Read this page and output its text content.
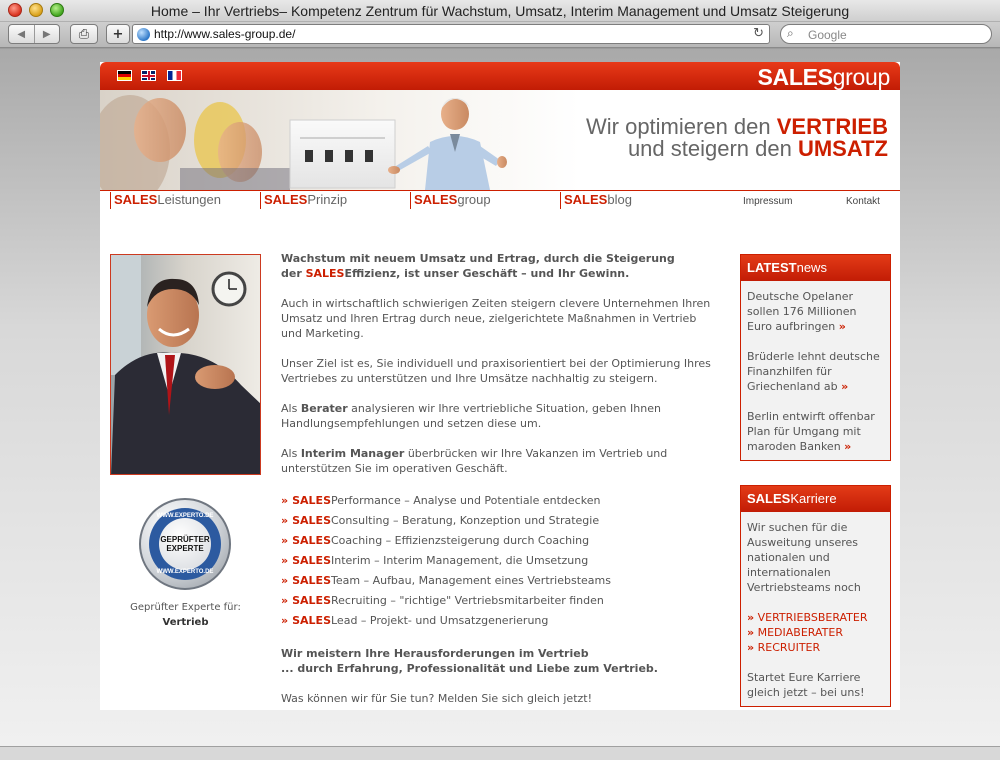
Home – Ihr Vertriebs– Kompetenz Zentrum für Wachstum, Umsatz, Interim Management und Umsatz Steigerung
◀	▶	⎙ +	http://www.sales-group.de/	↻ ⌕ Google
SALESgroup
Wir optimieren den VERTRIEB
und steigern den UMSATZ
SALESLeistungen	SALESPrinzip	SALESgroup	SALESblog	Impressum	Kontakt
WWW.EXPERTO.DE
GEPRÜFTER
EXPERTE
WWW.EXPERTO.DE
Geprüfter Experte für:
Vertrieb

Wachstum mit neuem Umsatz und Ertrag, durch die Steigerung
der SALESEffizienz, ist unser Geschäft – und Ihr Gewinn.

Auch in wirtschaftlich schwierigen Zeiten steigern clevere Unternehmen Ihren Umsatz und Ihren Ertrag durch neue, zielgerichtete Maßnahmen in Vertrieb und Marketing.

Unser Ziel ist es, Sie individuell und praxisorientiert bei der Optimierung Ihres Vertriebes zu unterstützen und Ihre Umsätze nachhaltig zu steigern.

Als Berater analysieren wir Ihre vertriebliche Situation, geben Ihnen Handlungsempfehlungen und setzen diese um.

Als Interim Manager überbrücken wir Ihre Vakanzen im Vertrieb und unterstützen Sie im operativen Geschäft.

» SALESPerformance – Analyse und Potentiale entdecken
» SALESConsulting – Beratung, Konzeption und Strategie
» SALESCoaching – Effizienzsteigerung durch Coaching
» SALESInterim – Interim Management, die Umsetzung
» SALESTeam – Aufbau, Management eines Vertriebsteams
» SALESRecruiting – "richtige" Vertriebsmitarbeiter finden
» SALESLead – Projekt- und Umsatzgenerierung

Wir meistern Ihre Herausforderungen im Vertrieb
... durch Erfahrung, Professionalität und Liebe zum Vertrieb.

Was können wir für Sie tun? Melden Sie sich gleich jetzt!

LATESTnews
Deutsche Opelaner sollen 176 Millionen Euro aufbringen »
Brüderle lehnt deutsche Finanzhilfen für Griechenland ab »
Berlin entwirft offenbar Plan für Umgang mit maroden Banken »
SALESKarriere
Wir suchen für die Ausweitung unseres nationalen und internationalen Vertriebsteams noch
» VERTRIEBSBERATER
» MEDIABERATER
» RECRUITER
Startet Eure Karriere gleich jetzt – bei uns!
